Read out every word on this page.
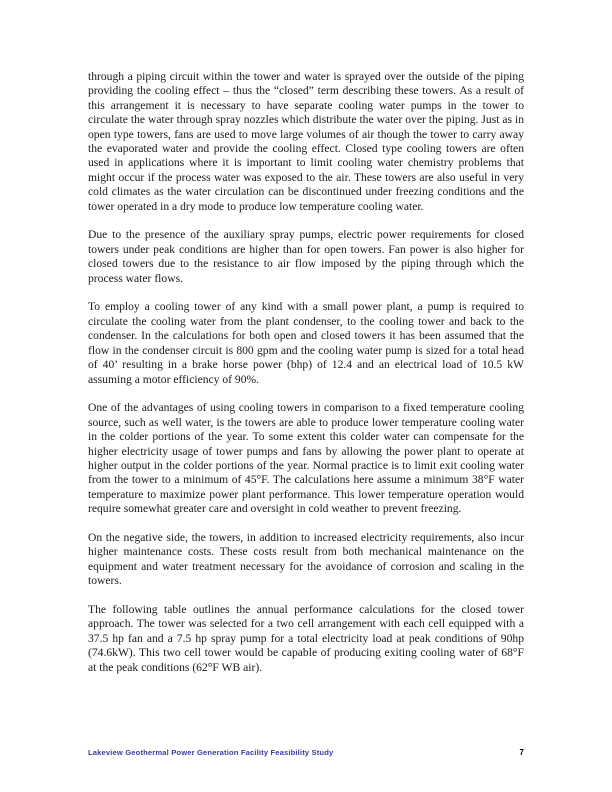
through a piping circuit within the tower and water is sprayed over the outside of the piping providing the cooling effect – thus the “closed” term describing these towers. As a result of this arrangement it is necessary to have separate cooling water pumps in the tower to circulate the water through spray nozzles which distribute the water over the piping. Just as in open type towers, fans are used to move large volumes of air though the tower to carry away the evaporated water and provide the cooling effect. Closed type cooling towers are often used in applications where it is important to limit cooling water chemistry problems that might occur if the process water was exposed to the air. These towers are also useful in very cold climates as the water circulation can be discontinued under freezing conditions and the tower operated in a dry mode to produce low temperature cooling water.

Due to the presence of the auxiliary spray pumps, electric power requirements for closed towers under peak conditions are higher than for open towers. Fan power is also higher for closed towers due to the resistance to air flow imposed by the piping through which the process water flows.

To employ a cooling tower of any kind with a small power plant, a pump is required to circulate the cooling water from the plant condenser, to the cooling tower and back to the condenser. In the calculations for both open and closed towers it has been assumed that the flow in the condenser circuit is 800 gpm and the cooling water pump is sized for a total head of 40’ resulting in a brake horse power (bhp) of 12.4 and an electrical load of 10.5 kW assuming a motor efficiency of 90%.

One of the advantages of using cooling towers in comparison to a fixed temperature cooling source, such as well water, is the towers are able to produce lower temperature cooling water in the colder portions of the year. To some extent this colder water can compensate for the higher electricity usage of tower pumps and fans by allowing the power plant to operate at higher output in the colder portions of the year. Normal practice is to limit exit cooling water from the tower to a minimum of 45°F. The calculations here assume a minimum 38°F water temperature to maximize power plant performance. This lower temperature operation would require somewhat greater care and oversight in cold weather to prevent freezing.

On the negative side, the towers, in addition to increased electricity requirements, also incur higher maintenance costs. These costs result from both mechanical maintenance on the equipment and water treatment necessary for the avoidance of corrosion and scaling in the towers.

The following table outlines the annual performance calculations for the closed tower approach. The tower was selected for a two cell arrangement with each cell equipped with a 37.5 hp fan and a 7.5 hp spray pump for a total electricity load at peak conditions of 90hp (74.6kW). This two cell tower would be capable of producing exiting cooling water of 68°F at the peak conditions (62°F WB air).

Lakeview Geothermal Power Generation Facility Feasibility Study	7
